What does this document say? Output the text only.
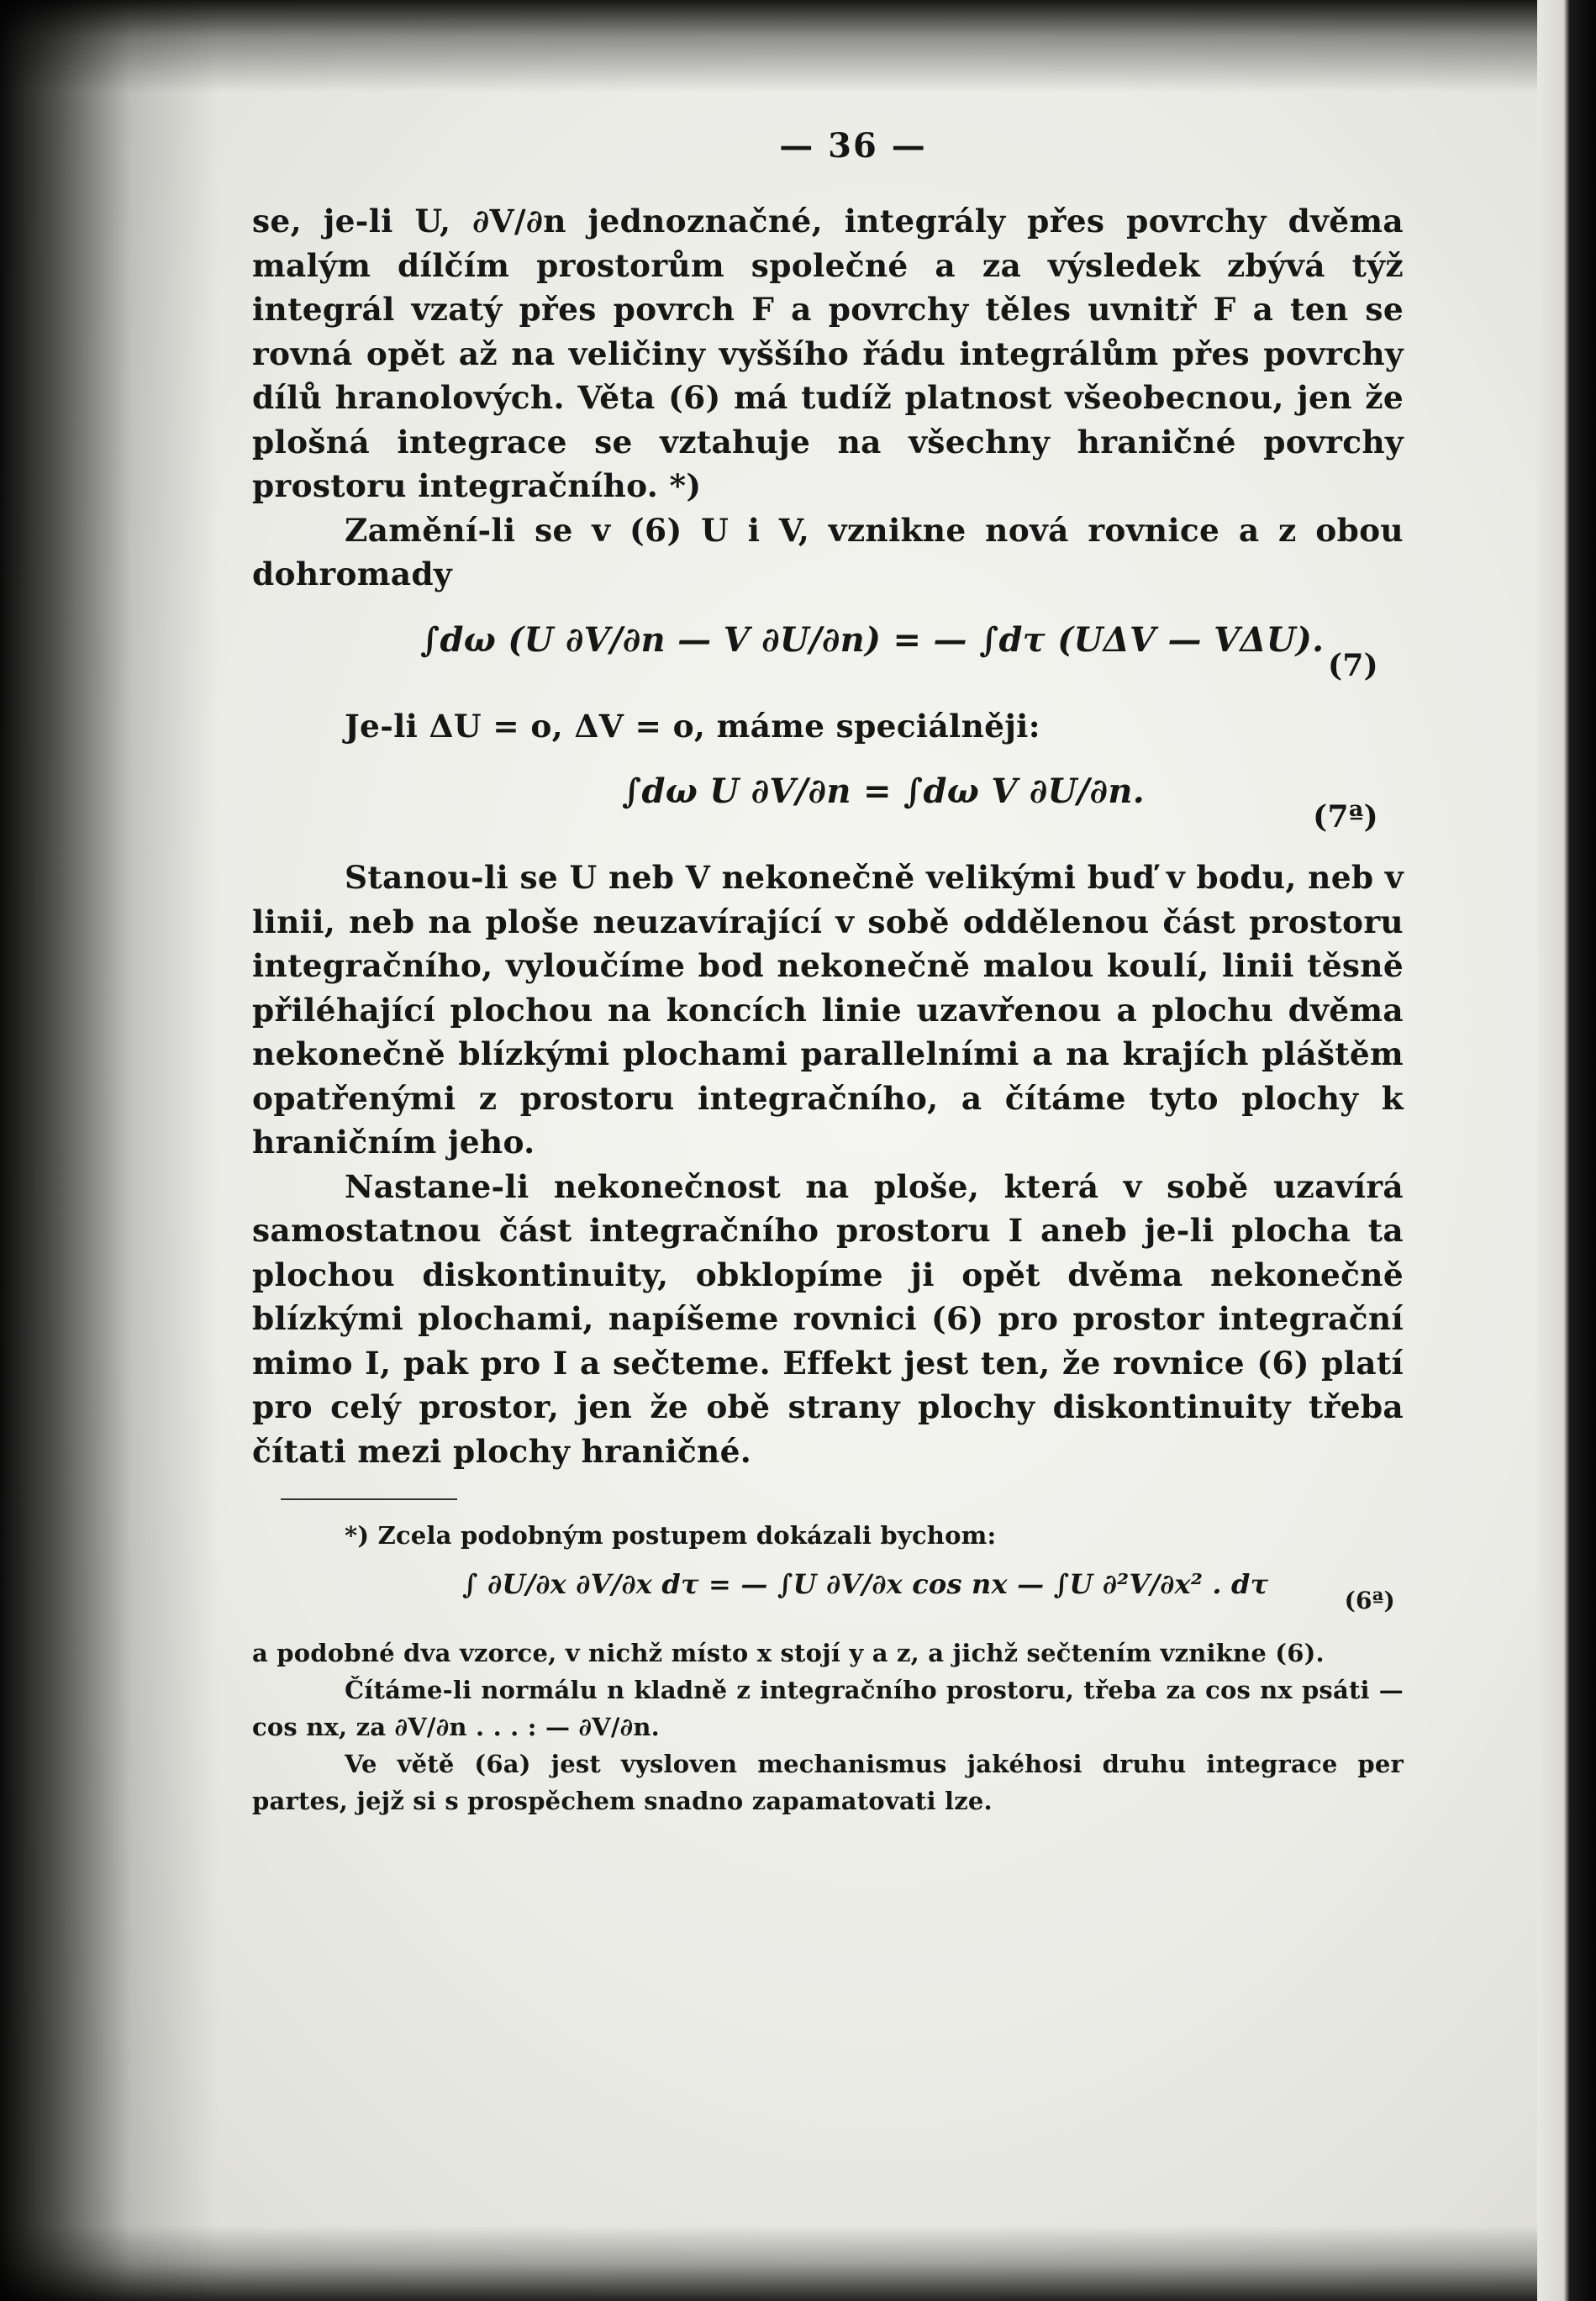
— 36 —

se, je-li U, ∂V/∂n jednoznačné, integrály přes povrchy dvěma malým dílčím prostorům společné a za výsledek zbývá týž integrál vzatý přes povrch F a povrchy těles uvnitř F a ten se rovná opět až na veličiny vyššího řádu integrálům přes povrchy dílů hranolových. Věta (6) má tudíž platnost všeobecnou, jen že plošná integrace se vztahuje na všechny hraničné povrchy prostoru integračního. *)

Zamění-li se v (6) U i V, vznikne nová rovnice a z obou dohromady

∫dω (U ∂V/∂n — V ∂U/∂n) = — ∫dτ (UΔV — VΔU).
(7)

Je-li ΔU = o, ΔV = o, máme speciálněji:

∫dω U ∂V/∂n = ∫dω V ∂U/∂n.
(7ª)

Stanou-li se U neb V nekonečně velikými buď v bodu, neb v linii, neb na ploše neuzavírající v sobě oddělenou část prostoru integračního, vyloučíme bod nekonečně malou koulí, linii těsně přiléhající plochou na koncích linie uzavřenou a plochu dvěma nekonečně blízkými plochami parallelními a na krajích pláštěm opatřenými z prostoru integračního, a čítáme tyto plochy k hraničním jeho.

Nastane-li nekonečnost na ploše, která v sobě uzavírá samostatnou část integračního prostoru I aneb je-li plocha ta plochou diskontinuity, obklopíme ji opět dvěma nekonečně blízkými plochami, napíšeme rovnici (6) pro prostor integrační mimo I, pak pro I a sečteme. Effekt jest ten, že rovnice (6) platí pro celý prostor, jen že obě strany plochy diskontinuity třeba čítati mezi plochy hraničné.

*) Zcela podobným postupem dokázali bychom:

∫ ∂U/∂x ∂V/∂x dτ = — ∫U ∂V/∂x cos nx — ∫U ∂²V/∂x² . dτ
(6ª)

a podobné dva vzorce, v nichž místo x stojí y a z, a jichž sečtením vznikne (6).

Čítáme-li normálu n kladně z integračního prostoru, třeba za cos nx psáti — cos nx, za ∂V/∂n . . . : — ∂V/∂n.

Ve větě (6a) jest vysloven mechanismus jakéhosi druhu integrace per partes, jejž si s prospěchem snadno zapamatovati lze.
